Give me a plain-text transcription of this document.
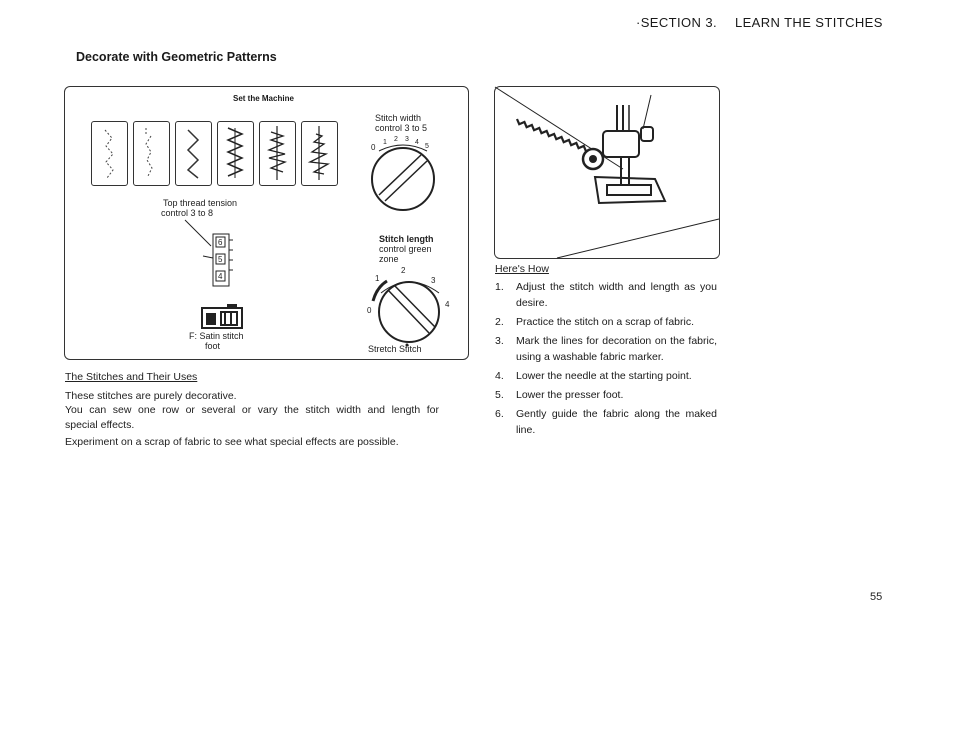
·SECTION 3. LEARN THE STITCHES
Decorate with Geometric Patterns
Set the Machine
Stitch width
control 3 to 5
0
1 2 3 4
5
Top thread tension
control 3 to 8
6
5
4
F: Satin stitch
foot
Stitch length
control green
zone
0
1
2
3
4
Stretch Stitch
The Stitches and Their Uses
These stitches are purely decorative.
You can sew one row or several or vary the stitch width and length for
special effects.
Experiment on a scrap of fabric to see what special effects are possible.
Here's How
1. Adjust the stitch width and length as you desire.
2. Practice the stitch on a scrap of fabric.
3. Mark the lines for decoration on the fabric, using a washable fabric marker.
4. Lower the needle at the starting point.
5. Lower the presser foot.
6. Gently guide the fabric along the maked line.
55
